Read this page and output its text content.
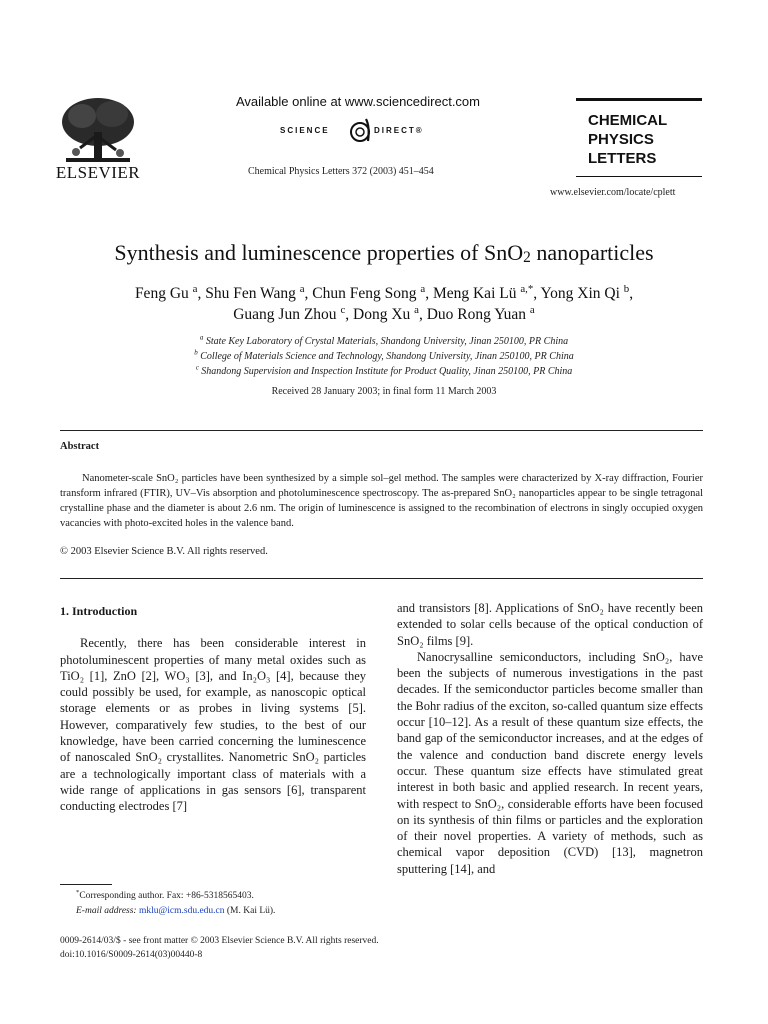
ELSEVIER
Available online at www.sciencedirect.com
SCIENCE	DIRECT®
Chemical Physics Letters 372 (2003) 451–454
CHEMICAL
PHYSICS
LETTERS
www.elsevier.com/locate/cplett
Synthesis and luminescence properties of SnO$_2$ nanoparticles
Feng Gu $^a$, Shu Fen Wang $^a$, Chun Feng Song $^a$, Meng Kai Lü $^{a,*}$, Yong Xin Qi $^b$,
Guang Jun Zhou $^c$, Dong Xu $^a$, Duo Rong Yuan $^a$
$^a$ State Key Laboratory of Crystal Materials, Shandong University, Jinan 250100, PR China
$^b$ College of Materials Science and Technology, Shandong University, Jinan 250100, PR China
$^c$ Shandong Supervision and Inspection Institute for Product Quality, Jinan 250100, PR China
Received 28 January 2003; in final form 11 March 2003
Abstract
Nanometer-scale SnO₂ particles have been synthesized by a simple sol–gel method. The samples were characterized by X-ray diffraction, Fourier transform infrared (FTIR), UV–Vis absorption and photoluminescence spectroscopy. The as-prepared SnO₂ nanoparticles appear to be single tetragonal crystalline phase and the diameter is about 2.6 nm. The origin of luminescence is assigned to the recombination of electrons in singly occupied oxygen vacancies with photo-excited holes in the valence band.
© 2003 Elsevier Science B.V. All rights reserved.
1. Introduction
Recently, there has been considerable interest in photoluminescent properties of many metal oxides such as TiO₂ [1], ZnO [2], WO₃ [3], and In₂O₃ [4], because they could possibly be used, for example, as nanoscopic optical storage elements or as probes in living systems [5]. However, comparatively few studies, to the best of our knowledge, have been carried concerning the luminescence of nanoscaled SnO₂ crystallites. Nanometric SnO₂ particles are a technologically important class of materials with a wide range of applications in gas sensors [6], transparent conducting electrodes [7]
and transistors [8]. Applications of SnO₂ have recently been extended to solar cells because of the optical conduction of SnO₂ films [9].
Nanocrysalline semiconductors, including SnO₂, have been the subjects of numerous investigations in the past decades. If the semiconductor particles become smaller than the Bohr radius of the exciton, so-called quantum size effects occur [10–12]. As a result of these quantum size effects, the band gap of the semiconductor increases, and at the edges of the valence and conduction band discrete energy levels occur. These quantum size effects have stimulated great interest in both basic and applied research. In recent years, with respect to SnO₂, considerable efforts have been focused on its synthesis of thin films or particles and the exploration of their novel properties. A variety of methods, such as chemical vapor deposition (CVD) [13], magnetron sputtering [14], and
*Corresponding author. Fax: +86-5318565403.
E-mail address: mklu@icm.sdu.edu.cn (M. Kai Lü).
0009-2614/03/$ - see front matter © 2003 Elsevier Science B.V. All rights reserved.
doi:10.1016/S0009-2614(03)00440-8
